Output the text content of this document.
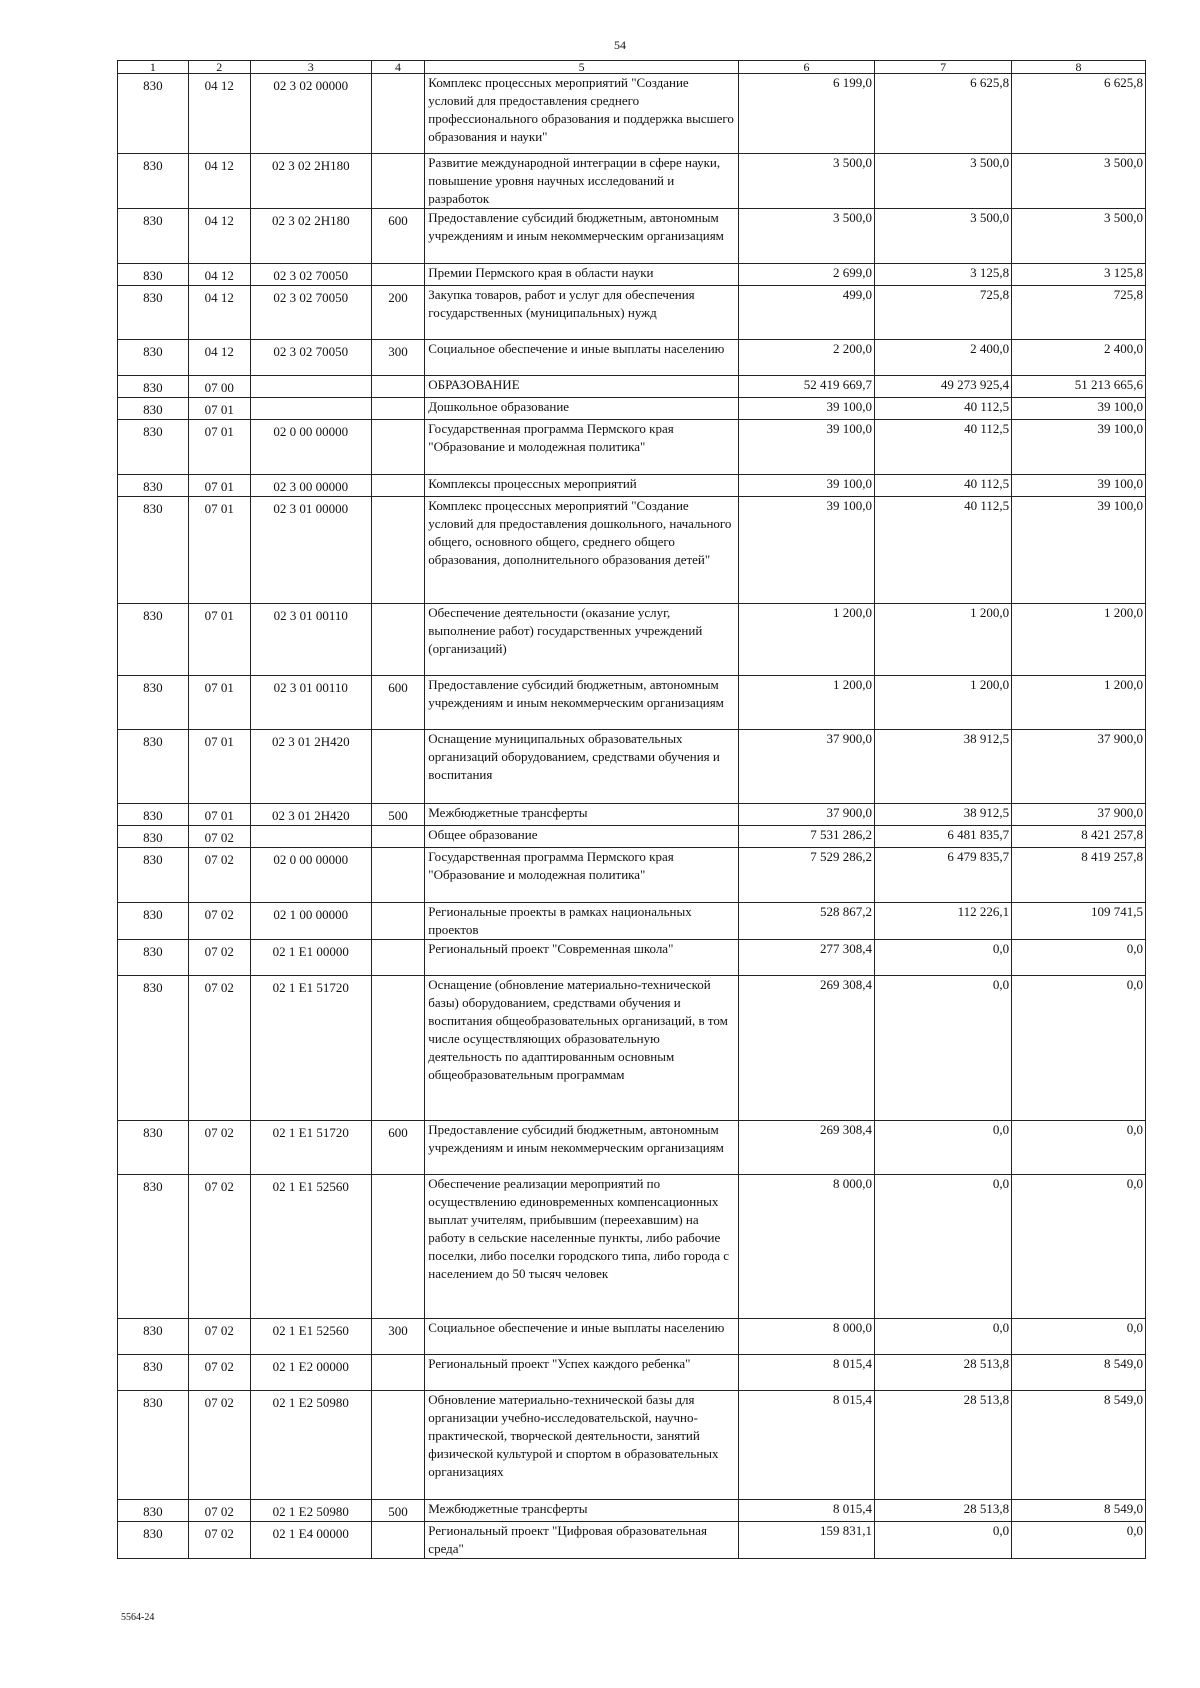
54
1	2	3	4	5	6	7	8
830	04 12	02 3 02 00000		Комплекс процессных мероприятий "Создание условий для предоставления среднего профессионального образования и поддержка высшего образования и науки"	6 199,0	6 625,8	6 625,8
830	04 12	02 3 02 2Н180		Развитие международной интеграции в сфере науки, повышение уровня научных исследований и разработок	3 500,0	3 500,0	3 500,0
830	04 12	02 3 02 2Н180	600	Предоставление субсидий бюджетным, автономным учреждениям и иным некоммерческим организациям	3 500,0	3 500,0	3 500,0
830	04 12	02 3 02 70050		Премии Пермского края в области науки	2 699,0	3 125,8	3 125,8
830	04 12	02 3 02 70050	200	Закупка товаров, работ и услуг для обеспечения государственных (муниципальных) нужд	499,0	725,8	725,8
830	04 12	02 3 02 70050	300	Социальное обеспечение и иные выплаты населению	2 200,0	2 400,0	2 400,0
830	07 00			ОБРАЗОВАНИЕ	52 419 669,7	49 273 925,4	51 213 665,6
830	07 01			Дошкольное образование	39 100,0	40 112,5	39 100,0
830	07 01	02 0 00 00000		Государственная программа Пермского края "Образование и молодежная политика"	39 100,0	40 112,5	39 100,0
830	07 01	02 3 00 00000		Комплексы процессных мероприятий	39 100,0	40 112,5	39 100,0
830	07 01	02 3 01 00000		Комплекс процессных мероприятий "Создание условий для предоставления дошкольного, начального общего, основного общего, среднего общего образования, дополнительного образования детей"	39 100,0	40 112,5	39 100,0
830	07 01	02 3 01 00110		Обеспечение деятельности (оказание услуг, выполнение работ) государственных учреждений (организаций)	1 200,0	1 200,0	1 200,0
830	07 01	02 3 01 00110	600	Предоставление субсидий бюджетным, автономным учреждениям и иным некоммерческим организациям	1 200,0	1 200,0	1 200,0
830	07 01	02 3 01 2Н420		Оснащение муниципальных образовательных организаций оборудованием, средствами обучения и воспитания	37 900,0	38 912,5	37 900,0
830	07 01	02 3 01 2Н420	500	Межбюджетные трансферты	37 900,0	38 912,5	37 900,0
830	07 02			Общее образование	7 531 286,2	6 481 835,7	8 421 257,8
830	07 02	02 0 00 00000		Государственная программа Пермского края "Образование и молодежная политика"	7 529 286,2	6 479 835,7	8 419 257,8
830	07 02	02 1 00 00000		Региональные проекты в рамках национальных проектов	528 867,2	112 226,1	109 741,5
830	07 02	02 1 Е1 00000		Региональный проект "Современная школа"	277 308,4	0,0	0,0
830	07 02	02 1 Е1 51720		Оснащение (обновление материально-технической базы) оборудованием, средствами обучения и воспитания общеобразовательных организаций, в том числе осуществляющих образовательную деятельность по адаптированным основным общеобразовательным программам	269 308,4	0,0	0,0
830	07 02	02 1 Е1 51720	600	Предоставление субсидий бюджетным, автономным учреждениям и иным некоммерческим организациям	269 308,4	0,0	0,0
830	07 02	02 1 Е1 52560		Обеспечение реализации мероприятий по осуществлению единовременных компенсационных выплат учителям, прибывшим (переехавшим) на работу в сельские населенные пункты, либо рабочие поселки, либо поселки городского типа, либо города с населением до 50 тысяч человек	8 000,0	0,0	0,0
830	07 02	02 1 Е1 52560	300	Социальное обеспечение и иные выплаты населению	8 000,0	0,0	0,0
830	07 02	02 1 Е2 00000		Региональный проект "Успех каждого ребенка"	8 015,4	28 513,8	8 549,0
830	07 02	02 1 Е2 50980		Обновление материально-технической базы для организации учебно-исследовательской, научно-практической, творческой деятельности, занятий физической культурой и спортом в образовательных организациях	8 015,4	28 513,8	8 549,0
830	07 02	02 1 Е2 50980	500	Межбюджетные трансферты	8 015,4	28 513,8	8 549,0
830	07 02	02 1 Е4 00000		Региональный проект "Цифровая образовательная среда"	159 831,1	0,0	0,0
5564-24
